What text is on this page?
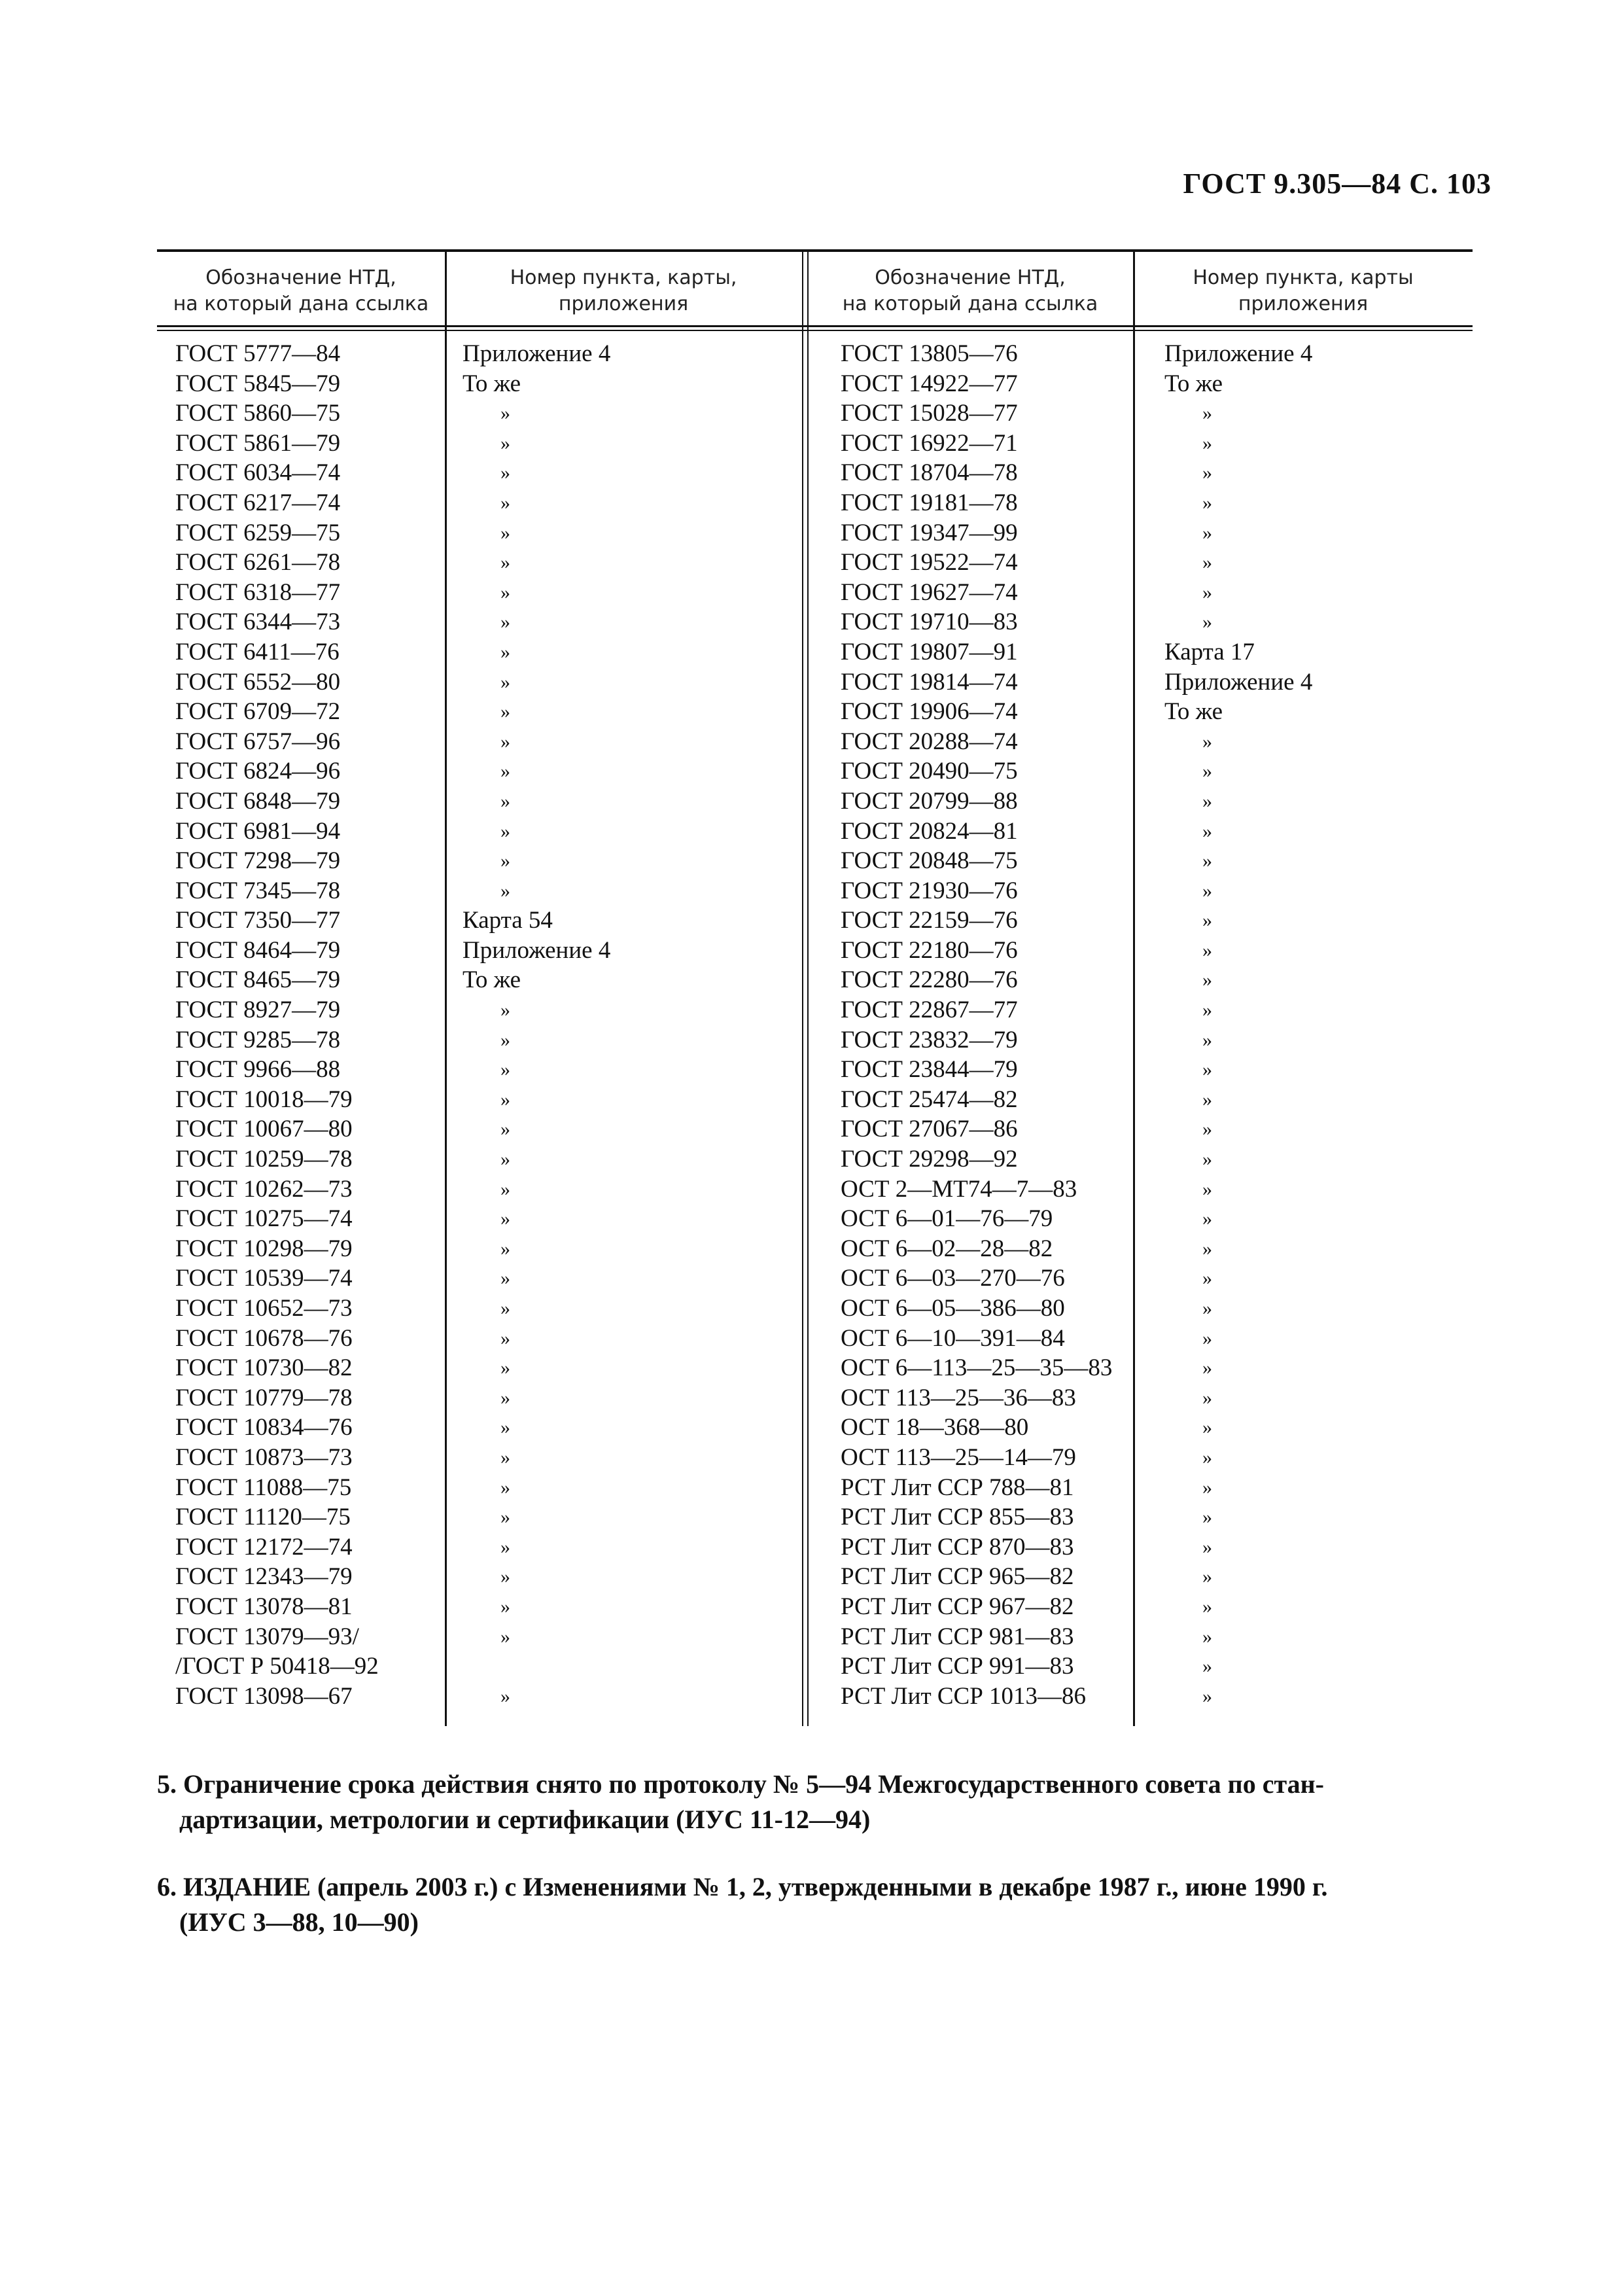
ГОСТ 9.305—84 С. 103
Обозначение НТД,
на который дана ссылка
Номер пункта, карты,
приложения
Обозначение НТД,
на который дана ссылка
Номер пункта, карты
приложения
ГОСТ 5777—84
ГОСТ 5845—79
ГОСТ 5860—75
ГОСТ 5861—79
ГОСТ 6034—74
ГОСТ 6217—74
ГОСТ 6259—75
ГОСТ 6261—78
ГОСТ 6318—77
ГОСТ 6344—73
ГОСТ 6411—76
ГОСТ 6552—80
ГОСТ 6709—72
ГОСТ 6757—96
ГОСТ 6824—96
ГОСТ 6848—79
ГОСТ 6981—94
ГОСТ 7298—79
ГОСТ 7345—78
ГОСТ 7350—77
ГОСТ 8464—79
ГОСТ 8465—79
ГОСТ 8927—79
ГОСТ 9285—78
ГОСТ 9966—88
ГОСТ 10018—79
ГОСТ 10067—80
ГОСТ 10259—78
ГОСТ 10262—73
ГОСТ 10275—74
ГОСТ 10298—79
ГОСТ 10539—74
ГОСТ 10652—73
ГОСТ 10678—76
ГОСТ 10730—82
ГОСТ 10779—78
ГОСТ 10834—76
ГОСТ 10873—73
ГОСТ 11088—75
ГОСТ 11120—75
ГОСТ 12172—74
ГОСТ 12343—79
ГОСТ 13078—81
ГОСТ 13079—93/
/ГОСТ Р 50418—92
ГОСТ 13098—67
Приложение 4
То же
»
»
»
»
»
»
»
»
»
»
»
»
»
»
»
»
»
Карта 54
Приложение 4
То же
»
»
»
»
»
»
»
»
»
»
»
»
»
»
»
»
»
»
»
»
»
»
»
ГОСТ 13805—76
ГОСТ 14922—77
ГОСТ 15028—77
ГОСТ 16922—71
ГОСТ 18704—78
ГОСТ 19181—78
ГОСТ 19347—99
ГОСТ 19522—74
ГОСТ 19627—74
ГОСТ 19710—83
ГОСТ 19807—91
ГОСТ 19814—74
ГОСТ 19906—74
ГОСТ 20288—74
ГОСТ 20490—75
ГОСТ 20799—88
ГОСТ 20824—81
ГОСТ 20848—75
ГОСТ 21930—76
ГОСТ 22159—76
ГОСТ 22180—76
ГОСТ 22280—76
ГОСТ 22867—77
ГОСТ 23832—79
ГОСТ 23844—79
ГОСТ 25474—82
ГОСТ 27067—86
ГОСТ 29298—92
ОСТ 2—МТ74—7—83
ОСТ 6—01—76—79
ОСТ 6—02—28—82
ОСТ 6—03—270—76
ОСТ 6—05—386—80
ОСТ 6—10—391—84
ОСТ 6—113—25—35—83
ОСТ 113—25—36—83
ОСТ 18—368—80
ОСТ 113—25—14—79
РСТ Лит ССР 788—81
РСТ Лит ССР 855—83
РСТ Лит ССР 870—83
РСТ Лит ССР 965—82
РСТ Лит ССР 967—82
РСТ Лит ССР 981—83
РСТ Лит ССР 991—83
РСТ Лит ССР 1013—86
Приложение 4
То же
»
»
»
»
»
»
»
»
Карта 17
Приложение 4
То же
»
»
»
»
»
»
»
»
»
»
»
»
»
»
»
»
»
»
»
»
»
»
»
»
»
»
»
»
»
»
»
»
»
5. Ограничение срока действия снято по протоколу № 5—94 Межгосударственного совета по стан-
дартизации, метрологии и сертификации (ИУС 11-12—94)
6. ИЗДАНИЕ (апрель 2003 г.) с Изменениями № 1, 2, утвержденными в декабре 1987 г., июне 1990 г.
(ИУС 3—88, 10—90)
